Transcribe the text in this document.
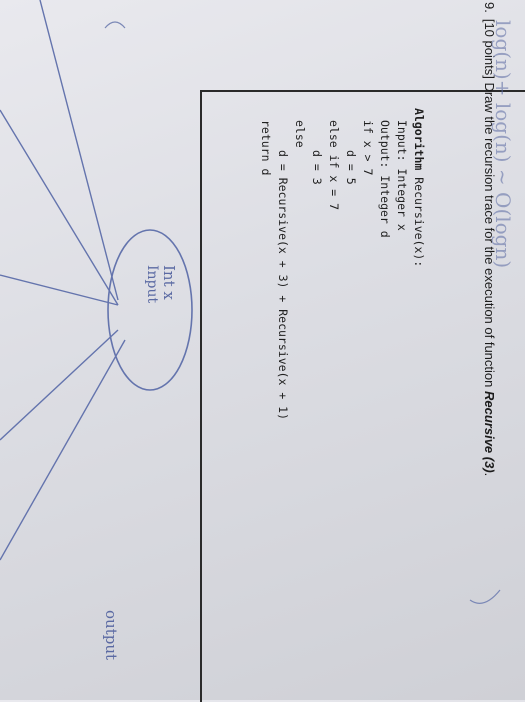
9.[10 points] Draw the recursion trace for the execution of function Recursive (3).
Algorithm Recursive(x):
Input: Integer x
Output: Integer d
if x > 7
d = 5
else if x = 7
d = 3
else
d = Recursive(x + 3) + Recursive(x + 1)
return d	log(n)+ log(n) ~ O(logn)
Int x
Input
output
